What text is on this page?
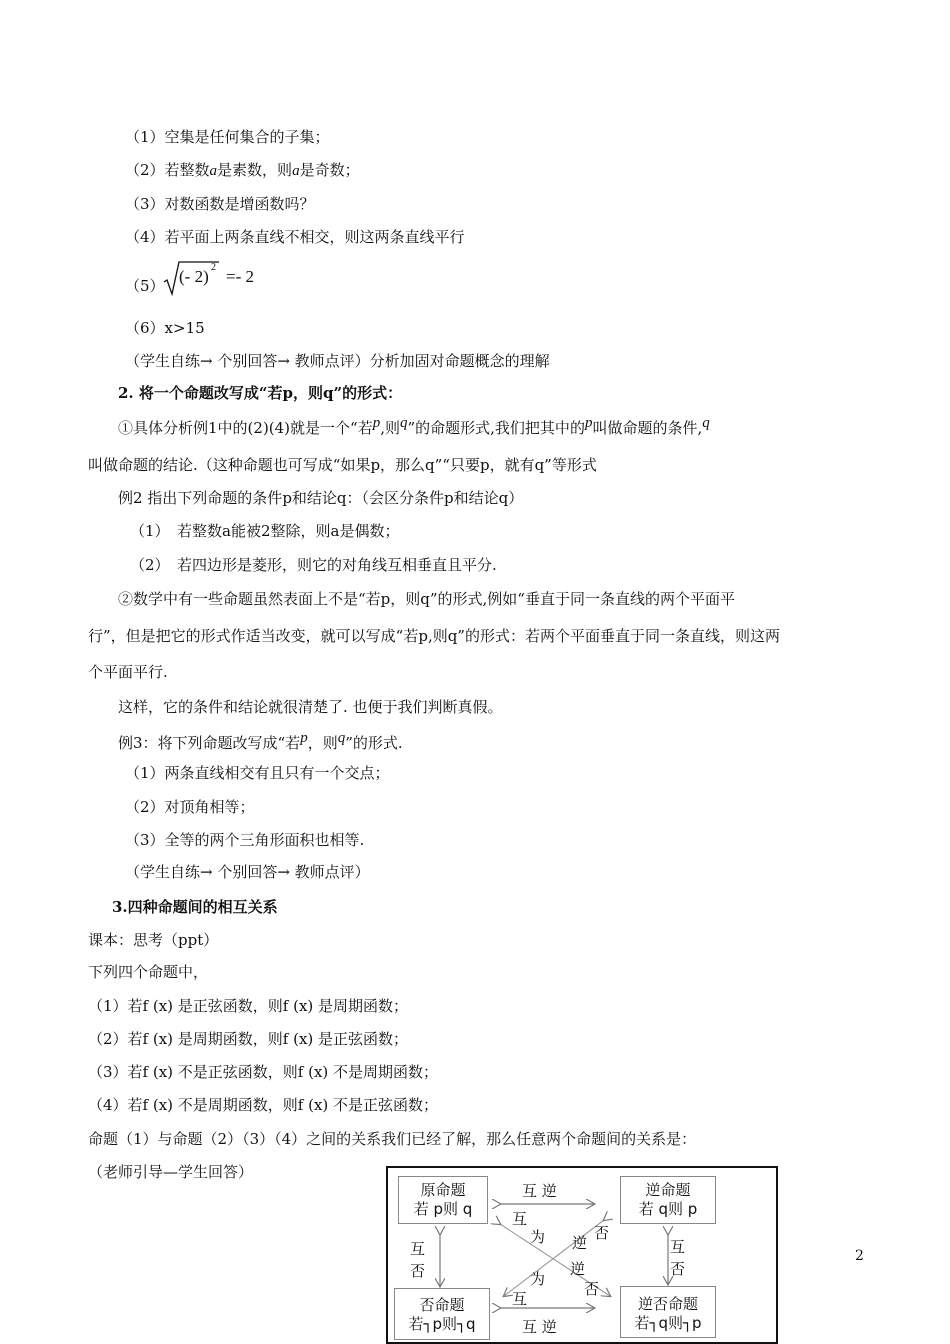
（1）空集是任何集合的子集；
（2）若整数a是素数，则a是奇数；
（3）对数函数是增函数吗？
（4）若平面上两条直线不相交，则这两条直线平行
（5） (- 2) 2 =- 2
（6）x>15
（学生自练→ 个别回答→ 教师点评）分析加固对命题概念的理解
2. 将一个命题改写成“若p，则q”的形式：
①具体分析例1中的(2)(4)就是一个“若p,则q”的命题形式,我们把其中的p叫做命题的条件,q
叫做命题的结论.（这种命题也可写成“如果p，那么q”“只要p，就有q”等形式
例2 指出下列命题的条件p和结论q：（会区分条件p和结论q）
（1）　若整数a能被2整除，则a是偶数；
（2）　若四边形是菱形，则它的对角线互相垂直且平分.
②数学中有一些命题虽然表面上不是“若p，则q”的形式,例如“垂直于同一条直线的两个平面平
行”，但是把它的形式作适当改变，就可以写成“若p,则q”的形式：若两个平面垂直于同一条直线，则这两
个平面平行.
这样，它的条件和结论就很清楚了. 也便于我们判断真假。
例3：将下列命题改写成“若p，则q”的形式.
（1）两条直线相交有且只有一个交点；
（2）对顶角相等；
（3）全等的两个三角形面积也相等.
（学生自练→ 个别回答→ 教师点评）
3.四种命题间的相互关系
课本：思考（ppt）
下列四个命题中，
（1）若f (x) 是正弦函数，则f (x) 是周期函数；
（2）若f (x) 是周期函数，则f (x) 是正弦函数；
（3）若f (x) 不是正弦函数，则f (x) 不是周期函数；
（4）若f (x) 不是周期函数，则f (x) 不是正弦函数；
命题（1）与命题（2）（3）（4）之间的关系我们已经了解，那么任意两个命题间的关系是：
（老师引导—学生回答）
原命题
若 p则 q
逆命题
若 q则 p
否命题
若┐p则┐q
逆否命题
若┐q则┐p
互 逆
互 逆
互
否
互
否
互
为 逆
否
逆
否
为
互
2
